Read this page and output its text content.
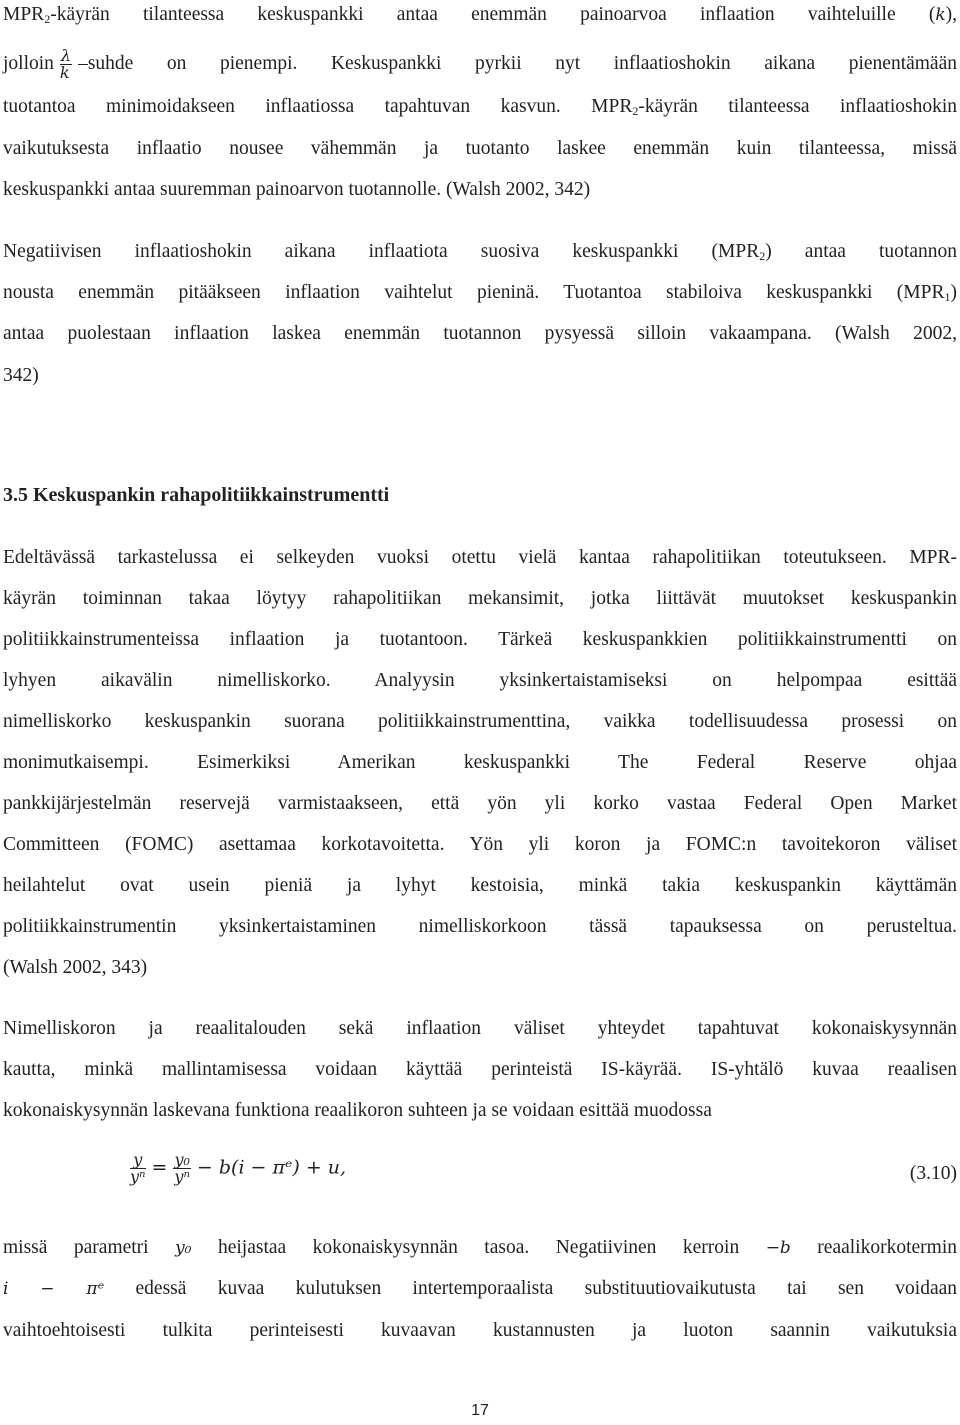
$MPR_2$-käyrän tilanteessa keskuspankki antaa enemmän painoarvoa inflaation vaihteluille (k),
jolloin $\frac{\lambda}{k}$ –suhde on pienempi. Keskuspankki pyrkii nyt inflaatioshokin aikana pienentämään
tuotantoa minimoidakseen inflaatiossa tapahtuvan kasvun. $MPR_2$-käyrän tilanteessa inflaatioshokin
vaikutuksesta inflaatio nousee vähemmän ja tuotanto laskee enemmän kuin tilanteessa, missä
keskuspankki antaa suuremman painoarvon tuotannolle. (Walsh 2002, 342)
Negatiivisen inflaatioshokin aikana inflaatiota suosiva keskuspankki $(MPR_2)$ antaa tuotannon
nousta enemmän pitääkseen inflaation vaihtelut pieninä. Tuotantoa stabiloiva keskuspankki $(MPR_1)$
antaa puolestaan inflaation laskea enemmän tuotannon pysyessä silloin vakaampana. (Walsh 2002,
342)
3.5 Keskuspankin rahapolitiikkainstrumentti
Edeltävässä tarkastelussa ei selkeyden vuoksi otettu vielä kantaa rahapolitiikan toteutukseen. MPR-
käyrän toiminnan takaa löytyy rahapolitiikan mekansimit, jotka liittävät muutokset keskuspankin
politiikkainstrumenteissa inflaation ja tuotantoon. Tärkeä keskuspankkien politiikkainstrumentti on
lyhyen aikavälin nimelliskorko. Analyysin yksinkertaistamiseksi on helpompaa esittää
nimelliskorko keskuspankin suorana politiikkainstrumenttina, vaikka todellisuudessa prosessi on
monimutkaisempi. Esimerkiksi Amerikan keskuspankki The Federal Reserve ohjaa
pankkijärjestelmän reservejä varmistaakseen, että yön yli korko vastaa Federal Open Market
Committeen (FOMC) asettamaa korkotavoitetta. Yön yli koron ja FOMC:n tavoitekoron väliset
heilahtelut ovat usein pieniä ja lyhyt kestoisia, minkä takia keskuspankin käyttämän
politiikkainstrumentin yksinkertaistaminen nimelliskorkoon tässä tapauksessa on perusteltua.
(Walsh 2002, 343)
Nimelliskoron ja reaalitalouden sekä inflaation väliset yhteydet tapahtuvat kokonaiskysynnän
kautta, minkä mallintamisessa voidaan käyttää perinteistä IS-käyrää. IS-yhtälö kuvaa reaalisen
kokonaiskysynnän laskevana funktiona reaalikoron suhteen ja se voidaan esittää muodossa
$\frac{y}{\text{yⁿ}} = \frac{\text{y₀}}{\text{yⁿ}} - b(i$ − πᵉ) + u,	(3.10)
missä parametri y₀ heijastaa kokonaiskysynnän tasoa. Negatiivinen kerroin −b reaalikorkotermin
i − πᵉ edessä kuvaa kulutuksen intertemporaalista substituutiovaikutusta tai sen voidaan
vaihtoehtoisesti tulkita perinteisesti kuvaavan kustannusten ja luoton saannin vaikutuksia
17
